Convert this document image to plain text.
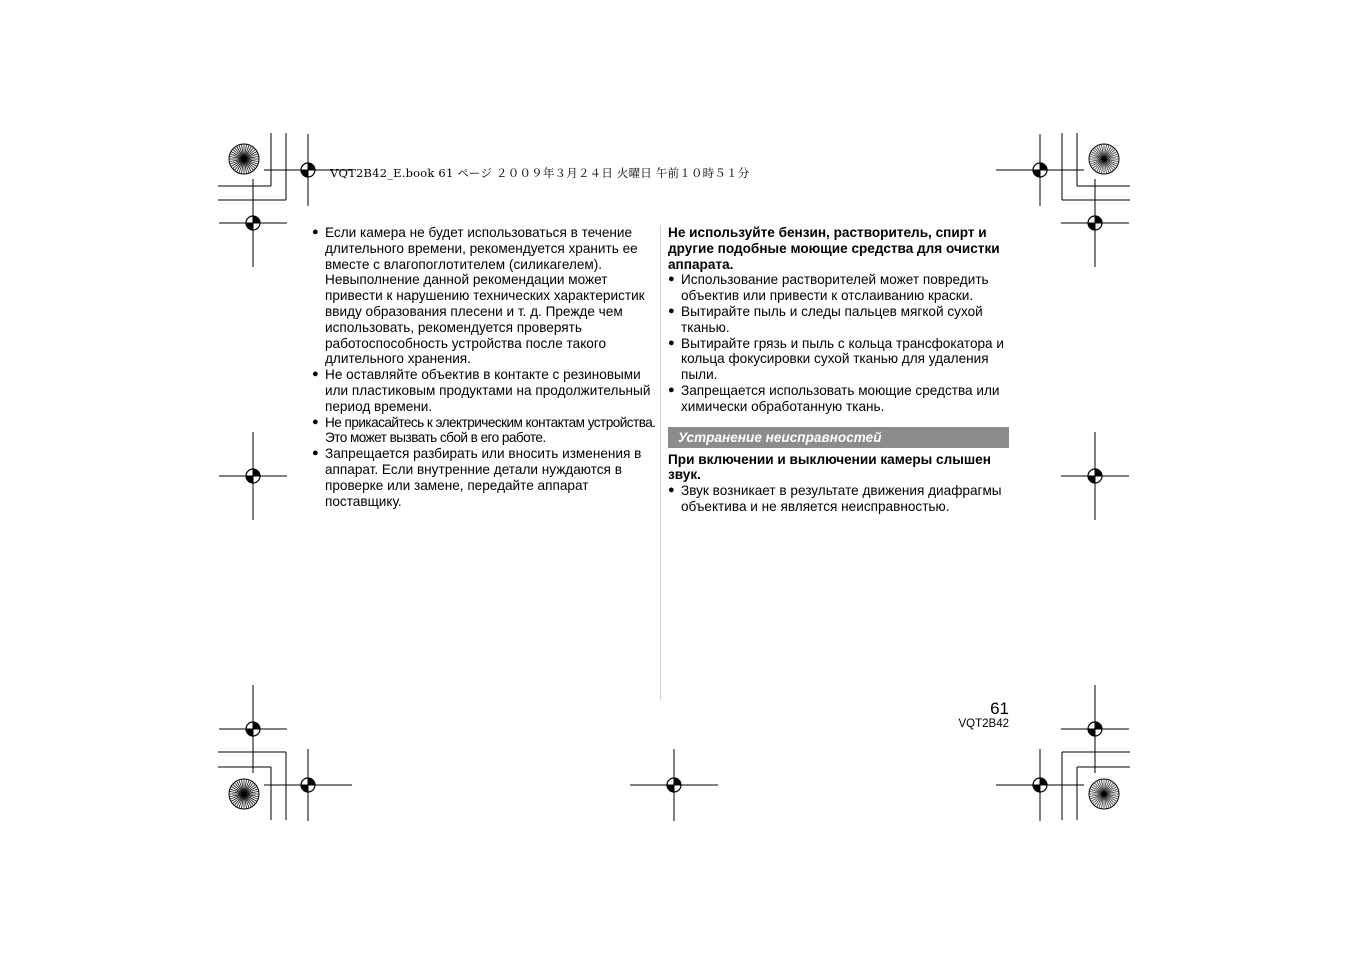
VQT2B42_E.book 61 ページ ２００９年３月２４日 火曜日 午前１０時５１分
● Если камера не будет использоваться в течение длительного времени, рекомендуется хранить ее вместе с влагопоглотителем (силикагелем). Невыполнение данной рекомендации может привести к нарушению технических характеристик ввиду образования плесени и т. д. Прежде чем использовать, рекомендуется проверять работоспособность устройства после такого длительного хранения.
● Не оставляйте объектив в контакте с резиновыми или пластиковым продуктами на продолжительный период времени.
● Не прикасайтесь к электрическим контактам устройства. Это может вызвать сбой в его работе.
● Запрещается разбирать или вносить изменения в аппарат. Если внутренние детали нуждаются в проверке или замене, передайте аппарат поставщику.
Не используйте бензин, растворитель, спирт и другие подобные моющие средства для очистки аппарата.
● Использование растворителей может повредить объектив или привести к отслаиванию краски.
● Вытирайте пыль и следы пальцев мягкой сухой тканью.
● Вытирайте грязь и пыль с кольца трансфокатора и кольца фокусировки сухой тканью для удаления пыли.
● Запрещается использовать моющие средства или химически обработанную ткань.
Устранение неисправностей
При включении и выключении камеры слышен звук.
● Звук возникает в результате движения диафрагмы объектива и не является неисправностью.
61
VQT2B42
